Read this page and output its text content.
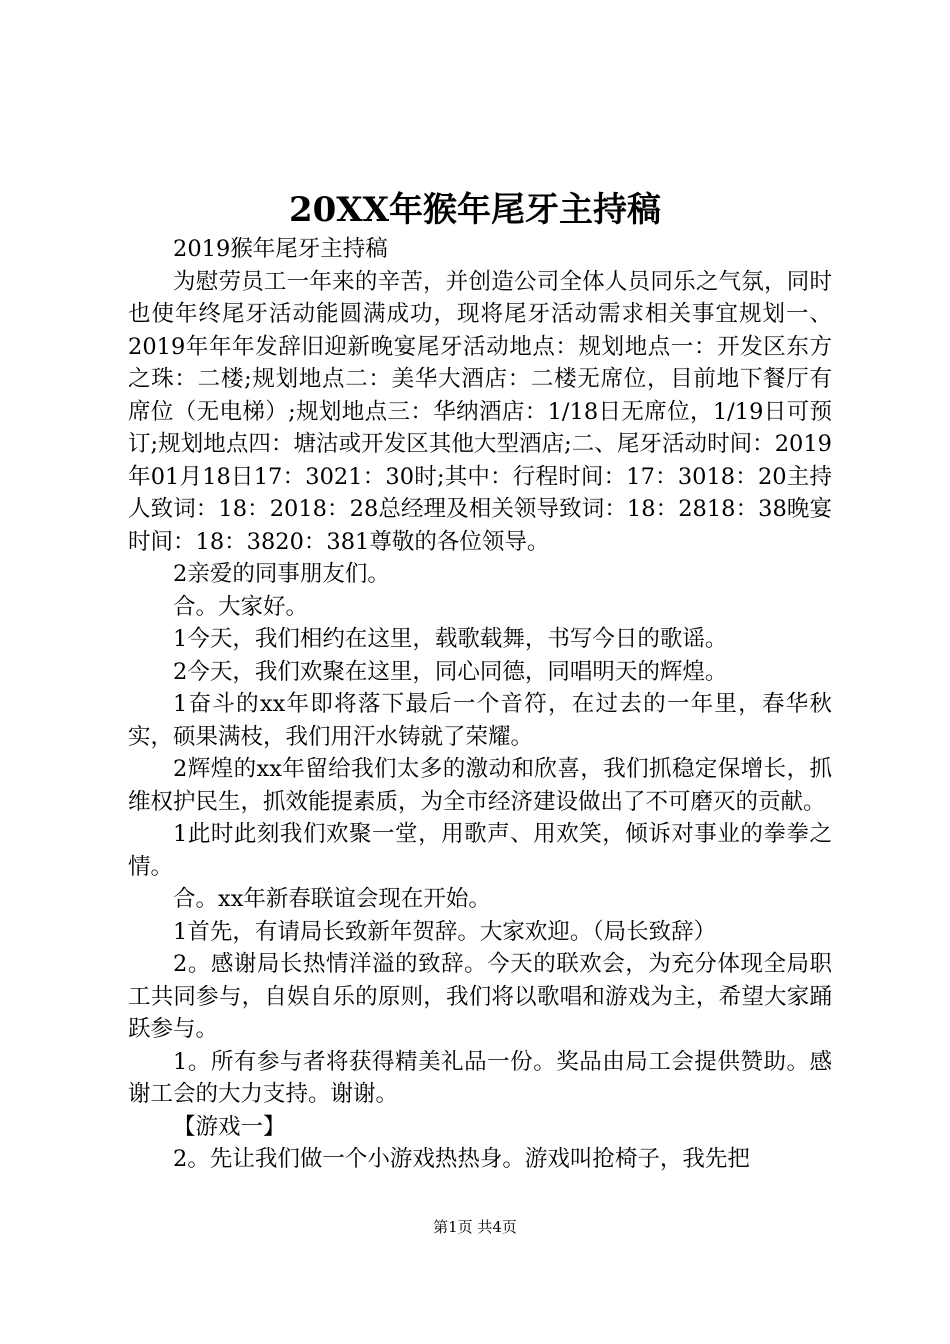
20XX年猴年尾牙主持稿

2019猴年尾牙主持稿

为慰劳员工一年来的辛苦，并创造公司全体人员同乐之气氛，同时也使年终尾牙活动能圆满成功，现将尾牙活动需求相关事宜规划一、2019年年年发辞旧迎新晚宴尾牙活动地点：规划地点一：开发区东方之珠：二楼;规划地点二：美华大酒店：二楼无席位，目前地下餐厅有席位（无电梯）;规划地点三：华纳酒店：1/18日无席位，1/19日可预订;规划地点四：塘沽或开发区其他大型酒店;二、尾牙活动时间：2019年01月18日17：3021：30时;其中：行程时间：17：3018：20主持人致词：18：2018：28总经理及相关领导致词：18：2818：38晚宴时间：18：3820：381尊敬的各位领导。

2亲爱的同事朋友们。

合。大家好。

1今天，我们相约在这里，载歌载舞，书写今日的歌谣。

2今天，我们欢聚在这里，同心同德，同唱明天的辉煌。

1奋斗的xx年即将落下最后一个音符，在过去的一年里，春华秋实，硕果满枝，我们用汗水铸就了荣耀。

2辉煌的xx年留给我们太多的激动和欣喜，我们抓稳定保增长，抓维权护民生，抓效能提素质，为全市经济建设做出了不可磨灭的贡献。

1此时此刻我们欢聚一堂，用歌声、用欢笑，倾诉对事业的拳拳之情。

合。xx年新春联谊会现在开始。

1首先，有请局长致新年贺辞。大家欢迎。（局长致辞）

2。感谢局长热情洋溢的致辞。今天的联欢会，为充分体现全局职工共同参与，自娱自乐的原则，我们将以歌唱和游戏为主，希望大家踊跃参与。

1。所有参与者将获得精美礼品一份。奖品由局工会提供赞助。感谢工会的大力支持。谢谢。

【游戏一】

2。先让我们做一个小游戏热热身。游戏叫抢椅子，我先把

第1页 共4页
